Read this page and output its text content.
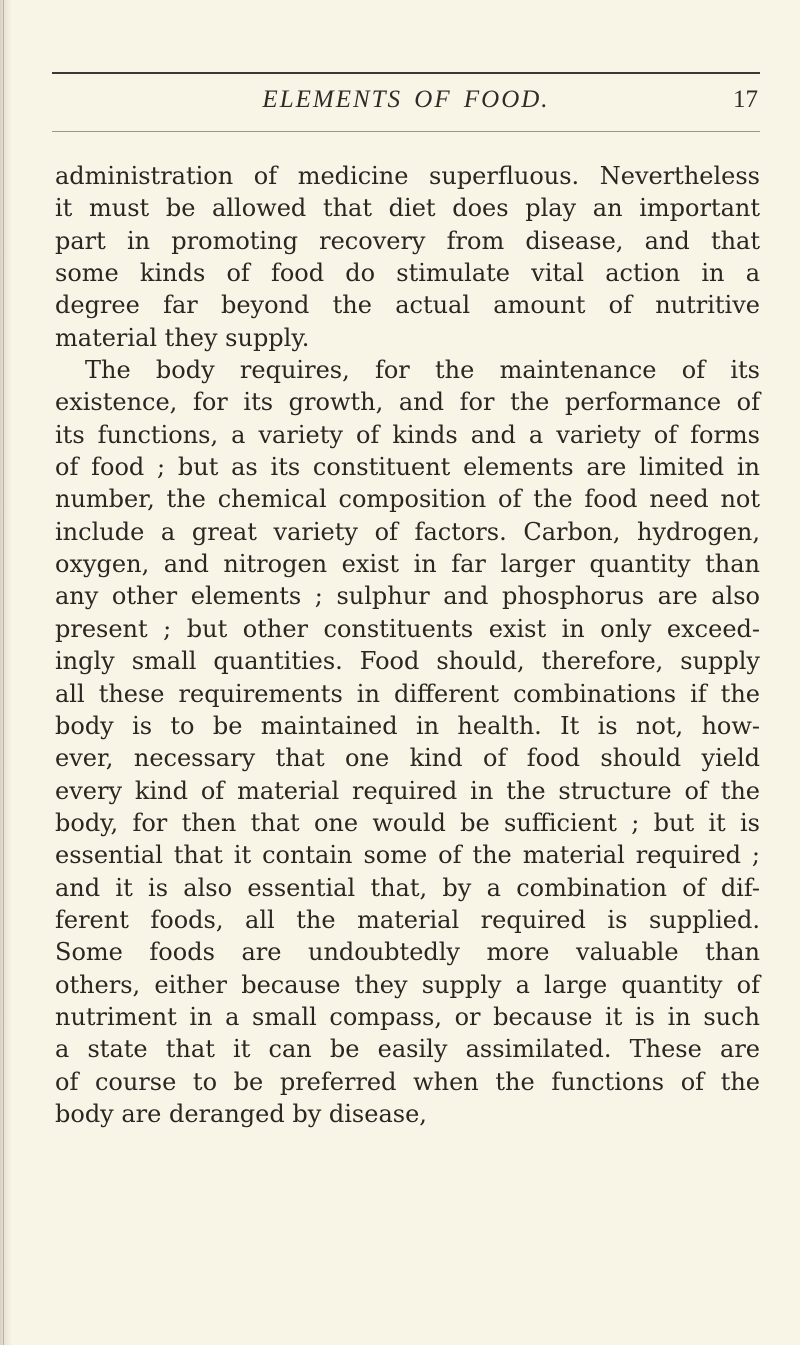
ELEMENTS OF FOOD.	17
administration of medicine superfluous. Nevertheless
it must be allowed that diet does play an important
part in promoting recovery from disease, and that
some kinds of food do stimulate vital action in a
degree far beyond the actual amount of nutritive
material they supply.
The body requires, for the maintenance of its
existence, for its growth, and for the performance of
its functions, a variety of kinds and a variety of forms
of food ; but as its constituent elements are limited in
number, the chemical composition of the food need not
include a great variety of factors. Carbon, hydrogen,
oxygen, and nitrogen exist in far larger quantity than
any other elements ; sulphur and phosphorus are also
present ; but other constituents exist in only exceed-
ingly small quantities. Food should, therefore, supply
all these requirements in different combinations if the
body is to be maintained in health. It is not, how-
ever, necessary that one kind of food should yield
every kind of material required in the structure of the
body, for then that one would be sufficient ; but it is
essential that it contain some of the material required ;
and it is also essential that, by a combination of dif-
ferent foods, all the material required is supplied.
Some foods are undoubtedly more valuable than
others, either because they supply a large quantity of
nutriment in a small compass, or because it is in such
a state that it can be easily assimilated. These are
of course to be preferred when the functions of the
body are deranged by disease,
